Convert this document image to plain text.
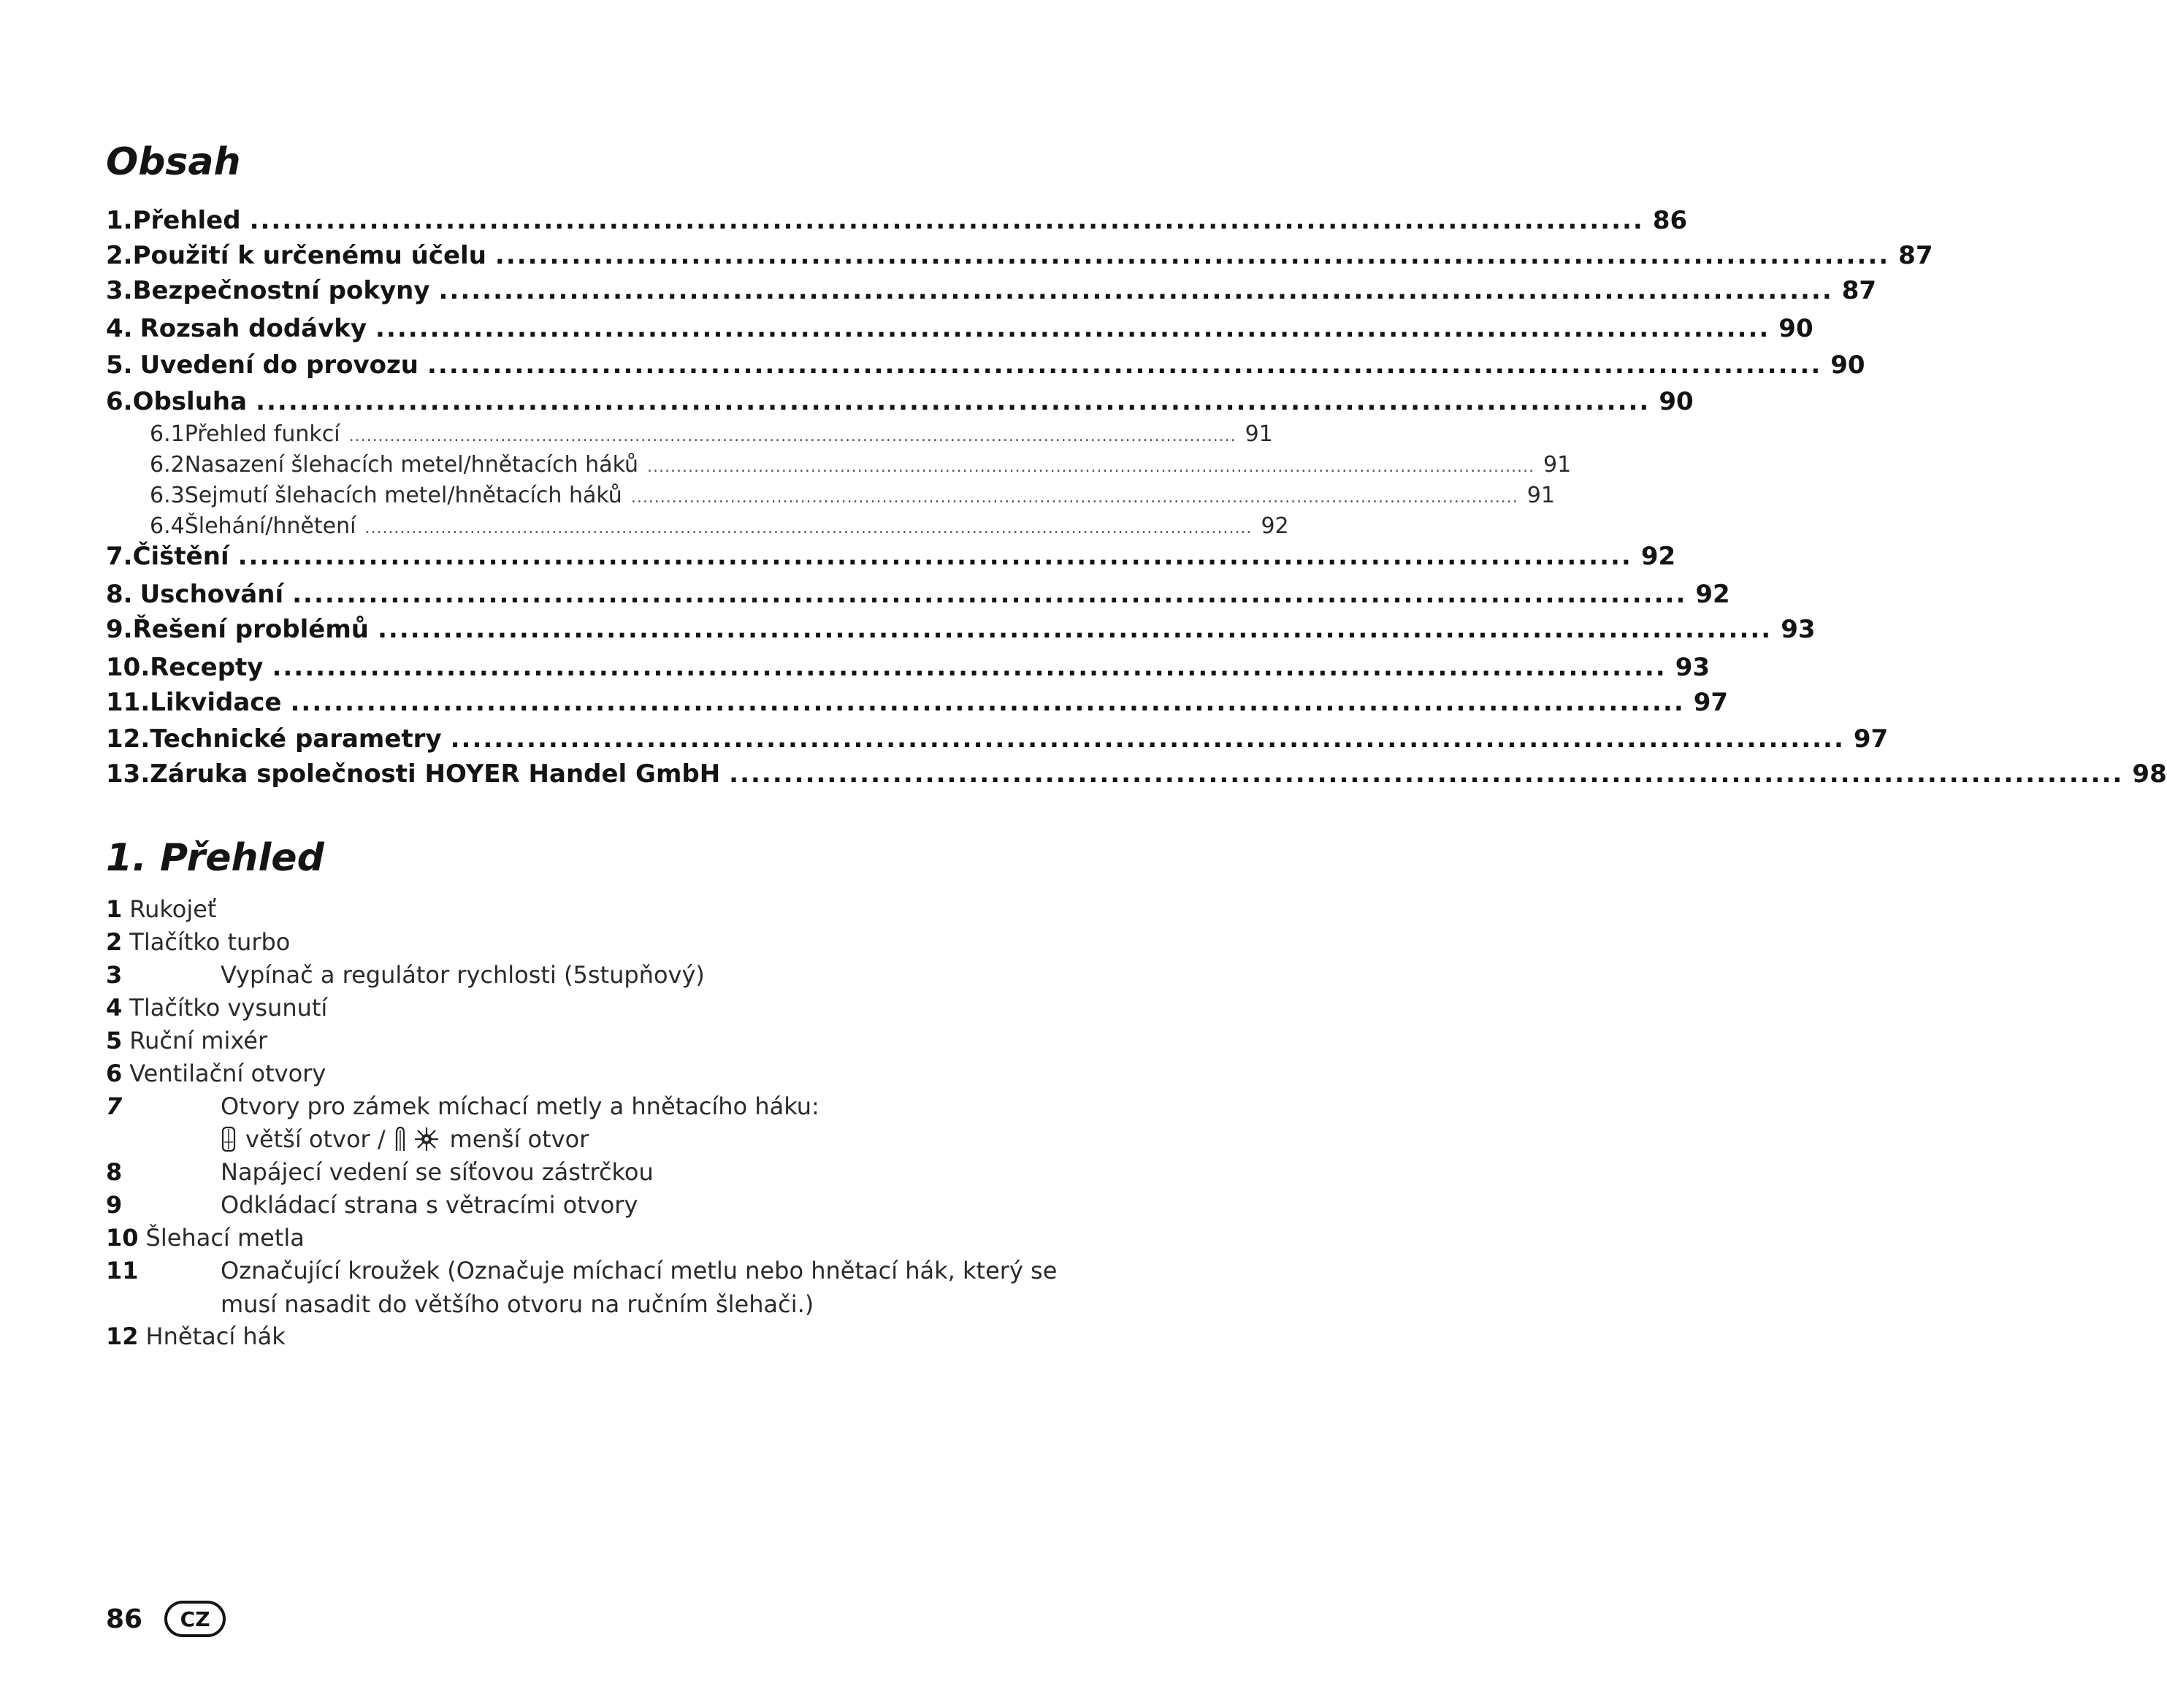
Obsah
1. Přehled ................................................................................................................................ 86
2. Použití k určenému účelu ................................................................................................................................ 87
3. Bezpečnostní pokyny ................................................................................................................................ 87
4. Rozsah dodávky ................................................................................................................................ 90
5. Uvedení do provozu ................................................................................................................................ 90
6. Obsluha ................................................................................................................................ 90
6.1 Přehled funkcí ........................................................................................................................................................ 91
6.2 Nasazení šlehacích metel/hnětacích háků ........................................................................................................................................................ 91
6.3 Sejmutí šlehacích metel/hnětacích háků ........................................................................................................................................................ 91
6.4 Šlehání/hnětení ........................................................................................................................................................ 92
7. Čištění ................................................................................................................................ 92
8. Uschování ................................................................................................................................ 92
9. Řešení problémů ................................................................................................................................ 93
10. Recepty ................................................................................................................................ 93
11. Likvidace ................................................................................................................................ 97
12. Technické parametry ................................................................................................................................ 97
13. Záruka společnosti HOYER Handel GmbH ................................................................................................................................ 98
1. Přehled
1 Rukojeť
2 Tlačítko turbo
3	Vypínač a regulátor rychlosti (5stupňový)
4 Tlačítko vysunutí
5 Ruční mixér
6 Ventilační otvory
7	Otvory pro zámek míchací metly a hnětacího háku:
větší otvor /	menší otvor
8	Napájecí vedení se síťovou zástrčkou
9	Odkládací strana s větracími otvory
10 Šlehací metla
11	Označující kroužek (Označuje míchací metlu nebo hnětací hák, který se musí nasadit do většího otvoru na ručním šlehači.)
12 Hnětací hák
86	CZ
